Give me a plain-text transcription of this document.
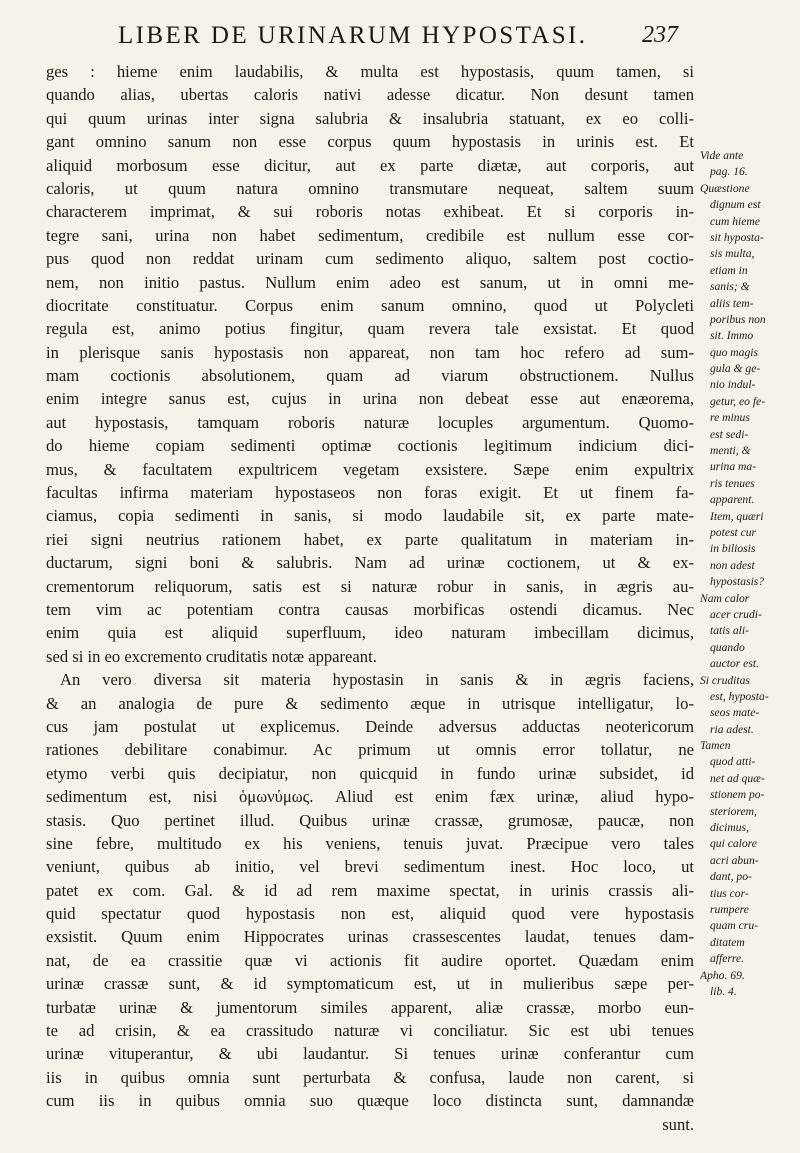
LIBER DE URINARUM HYPOSTASI. 237
ges : hieme enim laudabilis, & multa est hypostasis, quum tamen, si
quando alias, ubertas caloris nativi adesse dicatur. Non desunt tamen
qui quum urinas inter signa salubria & insalubria statuant, ex eo colli-
gant omnino sanum non esse corpus quum hypostasis in urinis est. Et
aliquid morbosum esse dicitur, aut ex parte diætæ, aut corporis, aut
caloris, ut quum natura omnino transmutare nequeat, saltem suum
characterem imprimat, & sui roboris notas exhibeat. Et si corporis in-
tegre sani, urina non habet sedimentum, credibile est nullum esse cor-
pus quod non reddat urinam cum sedimento aliquo, saltem post coctio-
nem, non initio pastus. Nullum enim adeo est sanum, ut in omni me-
diocritate constituatur. Corpus enim sanum omnino, quod ut Polycleti
regula est, animo potius fingitur, quam revera tale exsistat. Et quod
in plerisque sanis hypostasis non appareat, non tam hoc refero ad sum-
mam coctionis absolutionem, quam ad viarum obstructionem. Nullus
enim integre sanus est, cujus in urina non debeat esse aut enæorema,
aut hypostasis, tamquam roboris naturæ locuples argumentum. Quomo-
do hieme copiam sedimenti optimæ coctionis legitimum indicium dici-
mus, & facultatem expultricem vegetam exsistere. Sæpe enim expultrix
facultas infirma materiam hypostaseos non foras exigit. Et ut finem fa-
ciamus, copia sedimenti in sanis, si modo laudabile sit, ex parte mate-
riei signi neutrius rationem habet, ex parte qualitatum in materiam in-
ductarum, signi boni & salubris. Nam ad urinæ coctionem, ut & ex-
crementorum reliquorum, satis est si naturæ robur in sanis, in ægris au-
tem vim ac potentiam contra causas morbificas ostendi dicamus. Nec
enim quia est aliquid superfluum, ideo naturam imbecillam dicimus,
sed si in eo excremento cruditatis notæ appareant.
An vero diversa sit materia hypostasin in sanis & in ægris faciens,
& an analogia de pure & sedimento æque in utrisque intelligatur, lo-
cus jam postulat ut explicemus. Deinde adversus adductas neotericorum
rationes debilitare conabimur. Ac primum ut omnis error tollatur, ne
etymo verbi quis decipiatur, non quicquid in fundo urinæ subsidet, id
sedimentum est, nisi ὁμωνύμως. Aliud est enim fæx urinæ, aliud hypo-
stasis. Quo pertinet illud. Quibus urinæ crassæ, grumosæ, paucæ, non
sine febre, multitudo ex his veniens, tenuis juvat. Præcipue vero tales
veniunt, quibus ab initio, vel brevi sedimentum inest. Hoc loco, ut
patet ex com. Gal. & id ad rem maxime spectat, in urinis crassis ali-
quid spectatur quod hypostasis non est, aliquid quod vere hypostasis
exsistit. Quum enim Hippocrates urinas crassescentes laudat, tenues dam-
nat, de ea crassitie quæ vi actionis fit audire oportet. Quædam enim
urinæ crassæ sunt, & id symptomaticum est, ut in mulieribus sæpe per-
turbatæ urinæ & jumentorum similes apparent, aliæ crassæ, morbo eun-
te ad crisin, & ea crassitudo naturæ vi conciliatur. Sic est ubi tenues
urinæ vituperantur, & ubi laudantur. Si tenues urinæ conferantur cum
iis in quibus omnia sunt perturbata & confusa, laude non carent, si
cum iis in quibus omnia suo quæque loco distincta sunt, damnandæ
sunt.
Vide ante
pag. 16.
Quæstione
dignum est
cum hieme
sit hyposta-
sis multa,
etiam in
sanis; &
aliis tem-
poribus non
sit. Immo
quo magis
gula & ge-
nio indul-
getur, eo fe-
re minus
est sedi-
menti, &
urina ma-
ris tenues
apparent.
Item, quæri
potest cur
in biliosis
non adest
hypostasis?
Nam calor
acer crudi-
tatis ali-
quando
auctor est.
Si cruditas
est, hyposta-
seos mate-
ria adest.
Tamen
quod atti-
net ad quæ-
stionem po-
steriorem,
dicimus,
qui calore
acri abun-
dant, po-
tius cor-
rumpere
quam cru-
ditatem
afferre.
Apho. 69.
lib. 4.
